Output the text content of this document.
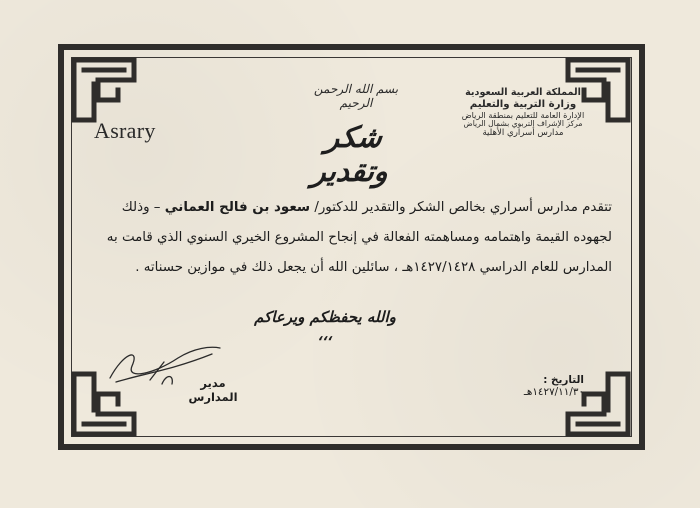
Asrary
المملكة العربية السعودية
وزارة التربية والتعليم
الإدارة العامة للتعليم بمنطقة الرياض
مركز الإشراف التربوي بشمال الرياض
مدارس أسراري الأهلية
بسم الله الرحمن الرحيم
شكر وتقدير
تتقدم مدارس أسراري بخالص الشكر والتقدير للدكتور/ سعود بن فالح العماني – وذلك
لجهوده القيمة واهتمامه ومساهمته الفعالة في إنجاح المشروع الخيري السنوي الذي قامت به
المدارس للعام الدراسي ١٤٢٧/١٤٢٨هـ ، سائلين الله أن يجعل ذلك في موازين حسناته .
والله يحفظكم ويرعاكم ،،،
التاريخ : ١٤٢٧/١١/٣٠هـ
مدير المدارس
